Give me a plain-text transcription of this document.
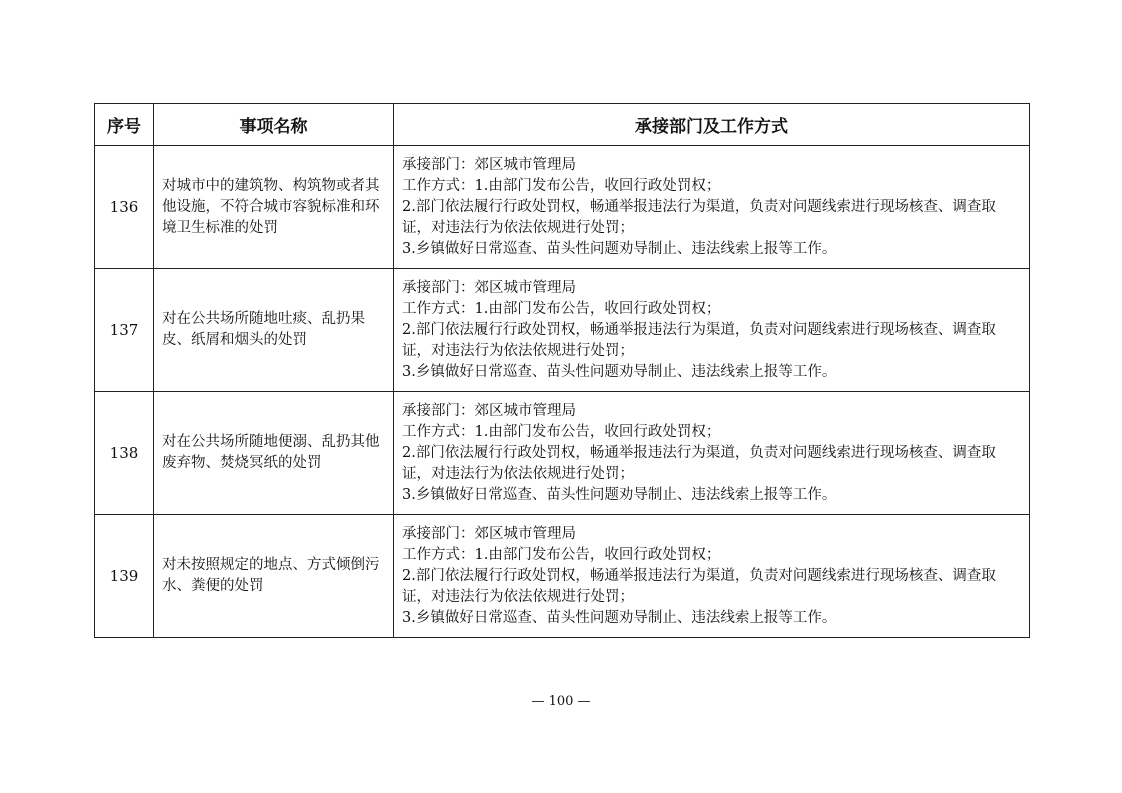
序号	事项名称	承接部门及工作方式
136	对城市中的建筑物、构筑物或者其他设施，不符合城市容貌标准和环境卫生标准的处罚	承接部门：郊区城市管理局
工作方式：1.由部门发布公告，收回行政处罚权；
2.部门依法履行行政处罚权，畅通举报违法行为渠道，负责对问题线索进行现场核查、调查取证，对违法行为依法依规进行处罚；
3.乡镇做好日常巡查、苗头性问题劝导制止、违法线索上报等工作。

137	对在公共场所随地吐痰、乱扔果皮、纸屑和烟头的处罚	承接部门：郊区城市管理局
工作方式：1.由部门发布公告，收回行政处罚权；
2.部门依法履行行政处罚权，畅通举报违法行为渠道，负责对问题线索进行现场核查、调查取证，对违法行为依法依规进行处罚；
3.乡镇做好日常巡查、苗头性问题劝导制止、违法线索上报等工作。

138	对在公共场所随地便溺、乱扔其他废弃物、焚烧冥纸的处罚	承接部门：郊区城市管理局
工作方式：1.由部门发布公告，收回行政处罚权；
2.部门依法履行行政处罚权，畅通举报违法行为渠道，负责对问题线索进行现场核查、调查取证，对违法行为依法依规进行处罚；
3.乡镇做好日常巡查、苗头性问题劝导制止、违法线索上报等工作。

139	对未按照规定的地点、方式倾倒污水、粪便的处罚	承接部门：郊区城市管理局
工作方式：1.由部门发布公告，收回行政处罚权；
2.部门依法履行行政处罚权，畅通举报违法行为渠道，负责对问题线索进行现场核查、调查取证，对违法行为依法依规进行处罚；
3.乡镇做好日常巡查、苗头性问题劝导制止、违法线索上报等工作。
— 100 —
